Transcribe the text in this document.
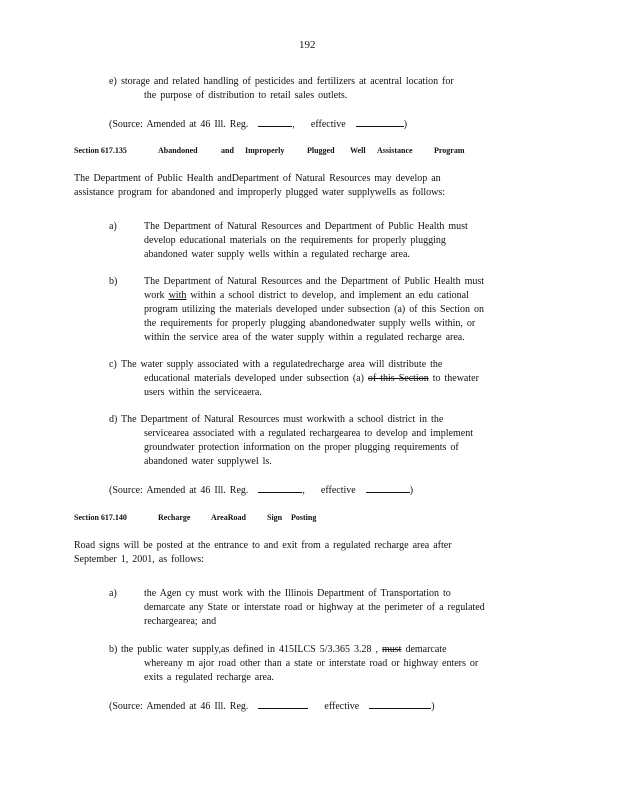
192
e) storage and related handling of pesticides and fertilizers at acentral location for
the purpose of distribution to retail sales outlets.
(Source: Amended at 46 Ill. Reg.	, effective	)
Section 617.135	Abandoned	and Improperly	Plugged Well Assistance	Program
The Department of Public Health andDepartment of Natural Resources may develop an
assistance program for abandoned and improperly plugged water supplywells as follows:
a)	The Department of Natural Resources and Department of Public Health must
develop educational materials on the requirements for properly plugging
abandoned water supply wells within a regulated recharge area.
b)	The Department of Natural Resources and the Department of Public Health must
work with within a school district to develop, and implement an edu cational
program utilizing the materials developed under subsection (a) of this Section on
the requirements for properly plugging abandonedwater supply wells within, or
within the service area of the water supply within a regulated recharge area.
c) The water supply associated with a regulatedrecharge area will distribute the
educational materials developed under subsection (a) of this Section to thewater
users within the serviceaera.
d) The Department of Natural Resources must workwith a school district in the
servicearea associated with a regulated rechargearea to develop and implement
groundwater protection information on the proper plugging requirements of
abandoned water supplywel ls.
(Source: Amended at 46 Ill. Reg.	, effective	)
Section 617.140	Recharge	AreaRoad	Sign Posting
Road signs will be posted at the entrance to and exit from a regulated recharge area after
September 1, 2001, as follows:
a)	the Agen cy must work with the Illinois Department of Transportation to
demarcate any State or interstate road or highway at the perimeter of a regulated
rechargearea; and
b) the public water supply,as defined in 415ILCS 5/3.365 3.28 , must demarcate
whereany m ajor road other than a state or interstate road or highway enters or
exits a regulated recharge area.
(Source: Amended at 46 Ill. Reg.	effective	)
